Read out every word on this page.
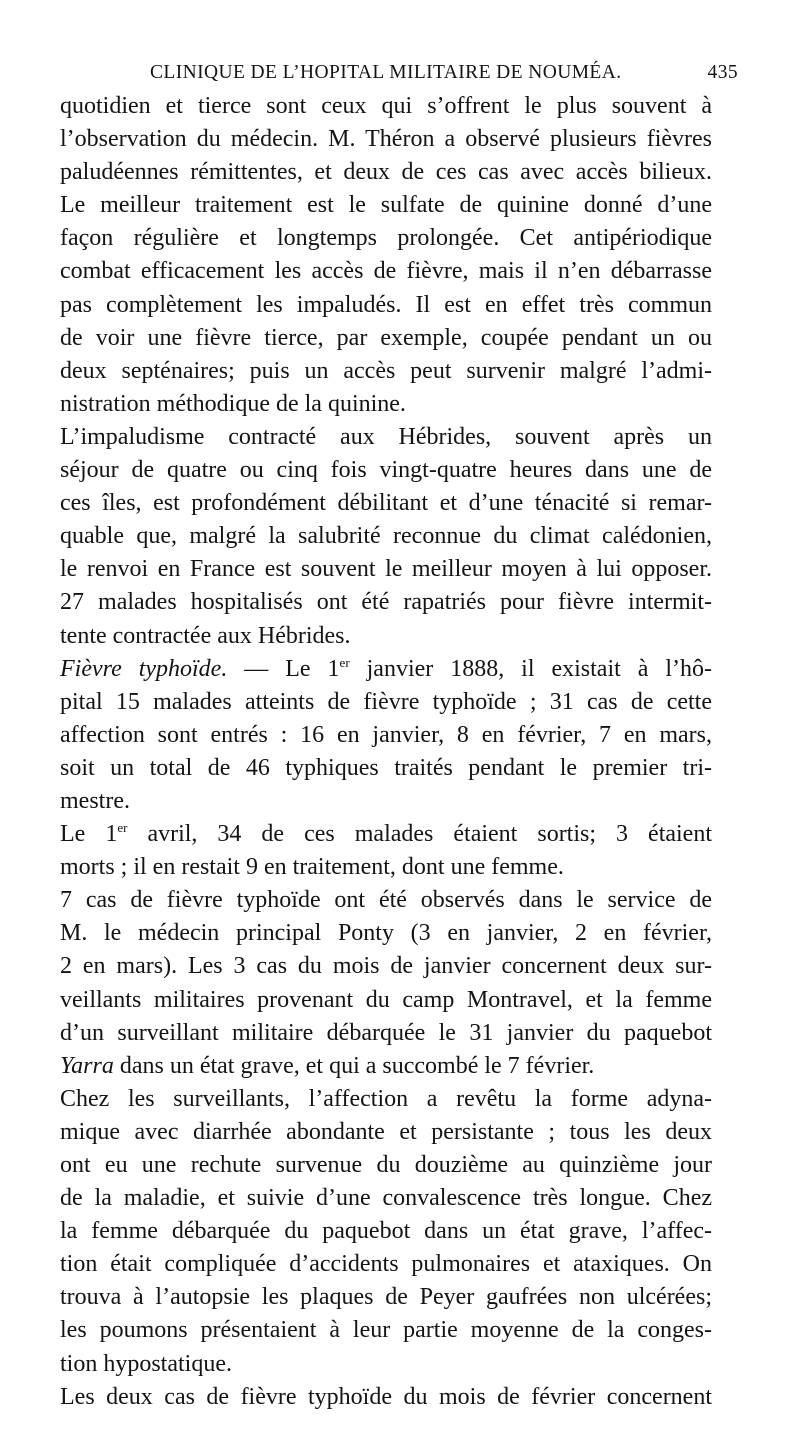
CLINIQUE DE L’HOPITAL MILITAIRE DE NOUMÉA.	435
quotidien et tierce sont ceux qui s’offrent le plus souvent à
l’observation du médecin. M. Théron a observé plusieurs fièvres
paludéennes rémittentes, et deux de ces cas avec accès bilieux.
Le meilleur traitement est le sulfate de quinine donné d’une
façon régulière et longtemps prolongée. Cet antipériodique
combat efficacement les accès de fièvre, mais il n’en débarrasse
pas complètement les impaludés. Il est en effet très commun
de voir une fièvre tierce, par exemple, coupée pendant un ou
deux septénaires; puis un accès peut survenir malgré l’admi-
nistration méthodique de la quinine.
L’impaludisme contracté aux Hébrides, souvent après un
séjour de quatre ou cinq fois vingt-quatre heures dans une de
ces îles, est profondément débilitant et d’une ténacité si remar-
quable que, malgré la salubrité reconnue du climat calédonien,
le renvoi en France est souvent le meilleur moyen à lui opposer.
27 malades hospitalisés ont été rapatriés pour fièvre intermit-
tente contractée aux Hébrides.
Fièvre typhoïde. — Le 1er janvier 1888, il existait à l’hô-
pital 15 malades atteints de fièvre typhoïde ; 31 cas de cette
affection sont entrés : 16 en janvier, 8 en février, 7 en mars,
soit un total de 46 typhiques traités pendant le premier tri-
mestre.
Le 1er avril, 34 de ces malades étaient sortis; 3 étaient
morts ; il en restait 9 en traitement, dont une femme.
7 cas de fièvre typhoïde ont été observés dans le service de
M. le médecin principal Ponty (3 en janvier, 2 en février,
2 en mars). Les 3 cas du mois de janvier concernent deux sur-
veillants militaires provenant du camp Montravel, et la femme
d’un surveillant militaire débarquée le 31 janvier du paquebot
Yarra dans un état grave, et qui a succombé le 7 février.
Chez les surveillants, l’affection a revêtu la forme adyna-
mique avec diarrhée abondante et persistante ; tous les deux
ont eu une rechute survenue du douzième au quinzième jour
de la maladie, et suivie d’une convalescence très longue. Chez
la femme débarquée du paquebot dans un état grave, l’affec-
tion était compliquée d’accidents pulmonaires et ataxiques. On
trouva à l’autopsie les plaques de Peyer gaufrées non ulcérées;
les poumons présentaient à leur partie moyenne de la conges-
tion hypostatique.
Les deux cas de fièvre typhoïde du mois de février concernent
